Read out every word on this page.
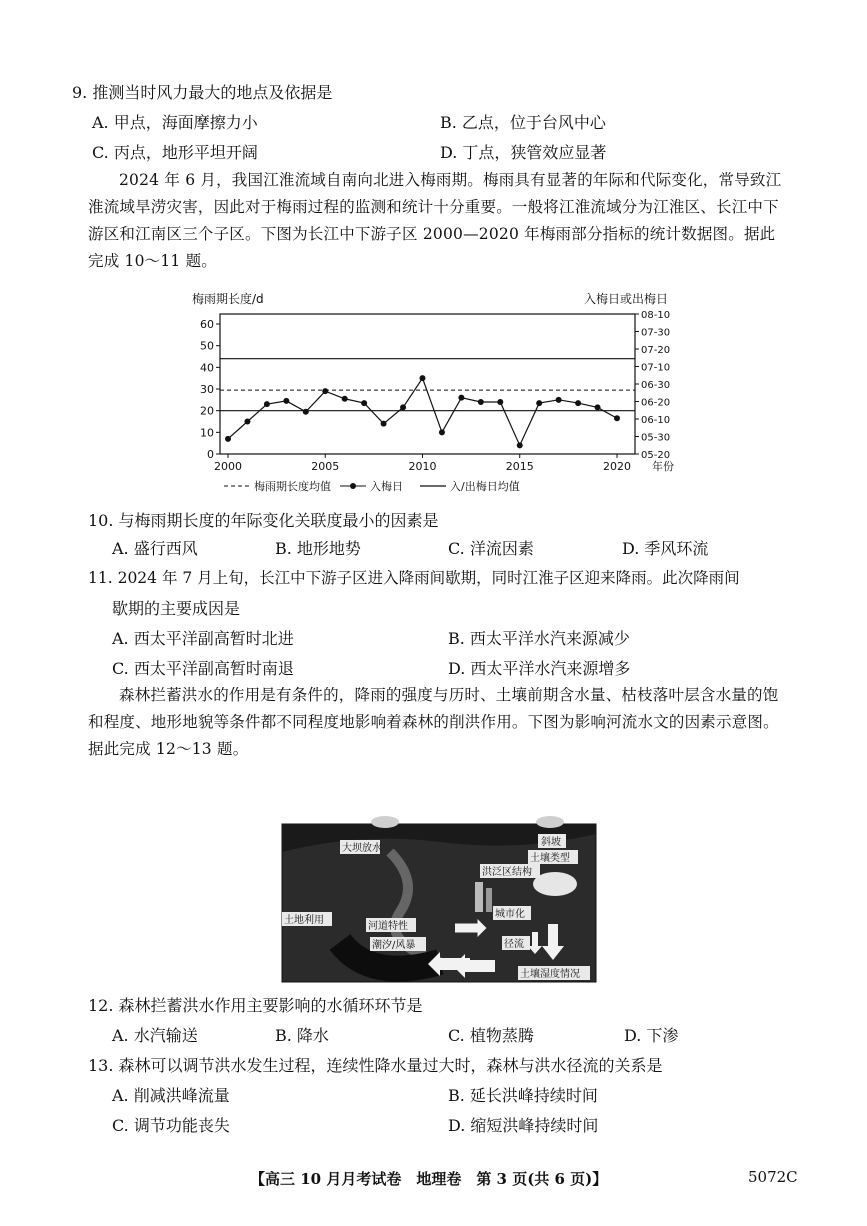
9. 推测当时风力最大的地点及依据是
A. 甲点，海面摩擦力小	B. 乙点，位于台风中心
C. 丙点，地形平坦开阔	D. 丁点，狭管效应显著
2024 年 6 月，我国江淮流域自南向北进入梅雨期。梅雨具有显著的年际和代际变化，常导致江淮流域旱涝灾害，因此对于梅雨过程的监测和统计十分重要。一般将江淮流域分为江淮区、长江中下游区和江南区三个子区。下图为长江中下游子区 2000—2020 年梅雨部分指标的统计数据图。据此完成 10～11 题。
梅雨期长度/d	入梅日或出梅日
0
10
20
30
40
50
60
05-20
05-30
06-10
06-20
06-30
07-10
07-20
07-30
08-10
2000	2005	2010	2015	2020 年份
梅雨期长度均值	入梅日	入/出梅日均值
10. 与梅雨期长度的年际变化关联度最小的因素是
A. 盛行西风	B. 地形地势	C. 洋流因素	D. 季风环流
11. 2024 年 7 月上旬，长江中下游子区进入降雨间歇期，同时江淮子区迎来降雨。此次降雨间
歇期的主要成因是
A. 西太平洋副高暂时北进	B. 西太平洋水汽来源减少
C. 西太平洋副高暂时南退	D. 西太平洋水汽来源增多
森林拦蓄洪水的作用是有条件的，降雨的强度与历时、土壤前期含水量、枯枝落叶层含水量的饱和程度、地形地貌等条件都不同程度地影响着森林的削洪作用。下图为影响河流水文的因素示意图。据此完成 12～13 题。
大坝放水
斜坡
土壤类型
洪泛区结构
城市化
土地利用
河道特性
潮汐/风暴	径流
土壤湿度情况
12. 森林拦蓄洪水作用主要影响的水循环环节是
A. 水汽输送	B. 降水	C. 植物蒸腾	D. 下渗
13. 森林可以调节洪水发生过程，连续性降水量过大时，森林与洪水径流的关系是
A. 削减洪峰流量	B. 延长洪峰持续时间
C. 调节功能丧失	D. 缩短洪峰持续时间
【高三 10 月月考试卷　地理卷　第 3 页(共 6 页)】	5072C
